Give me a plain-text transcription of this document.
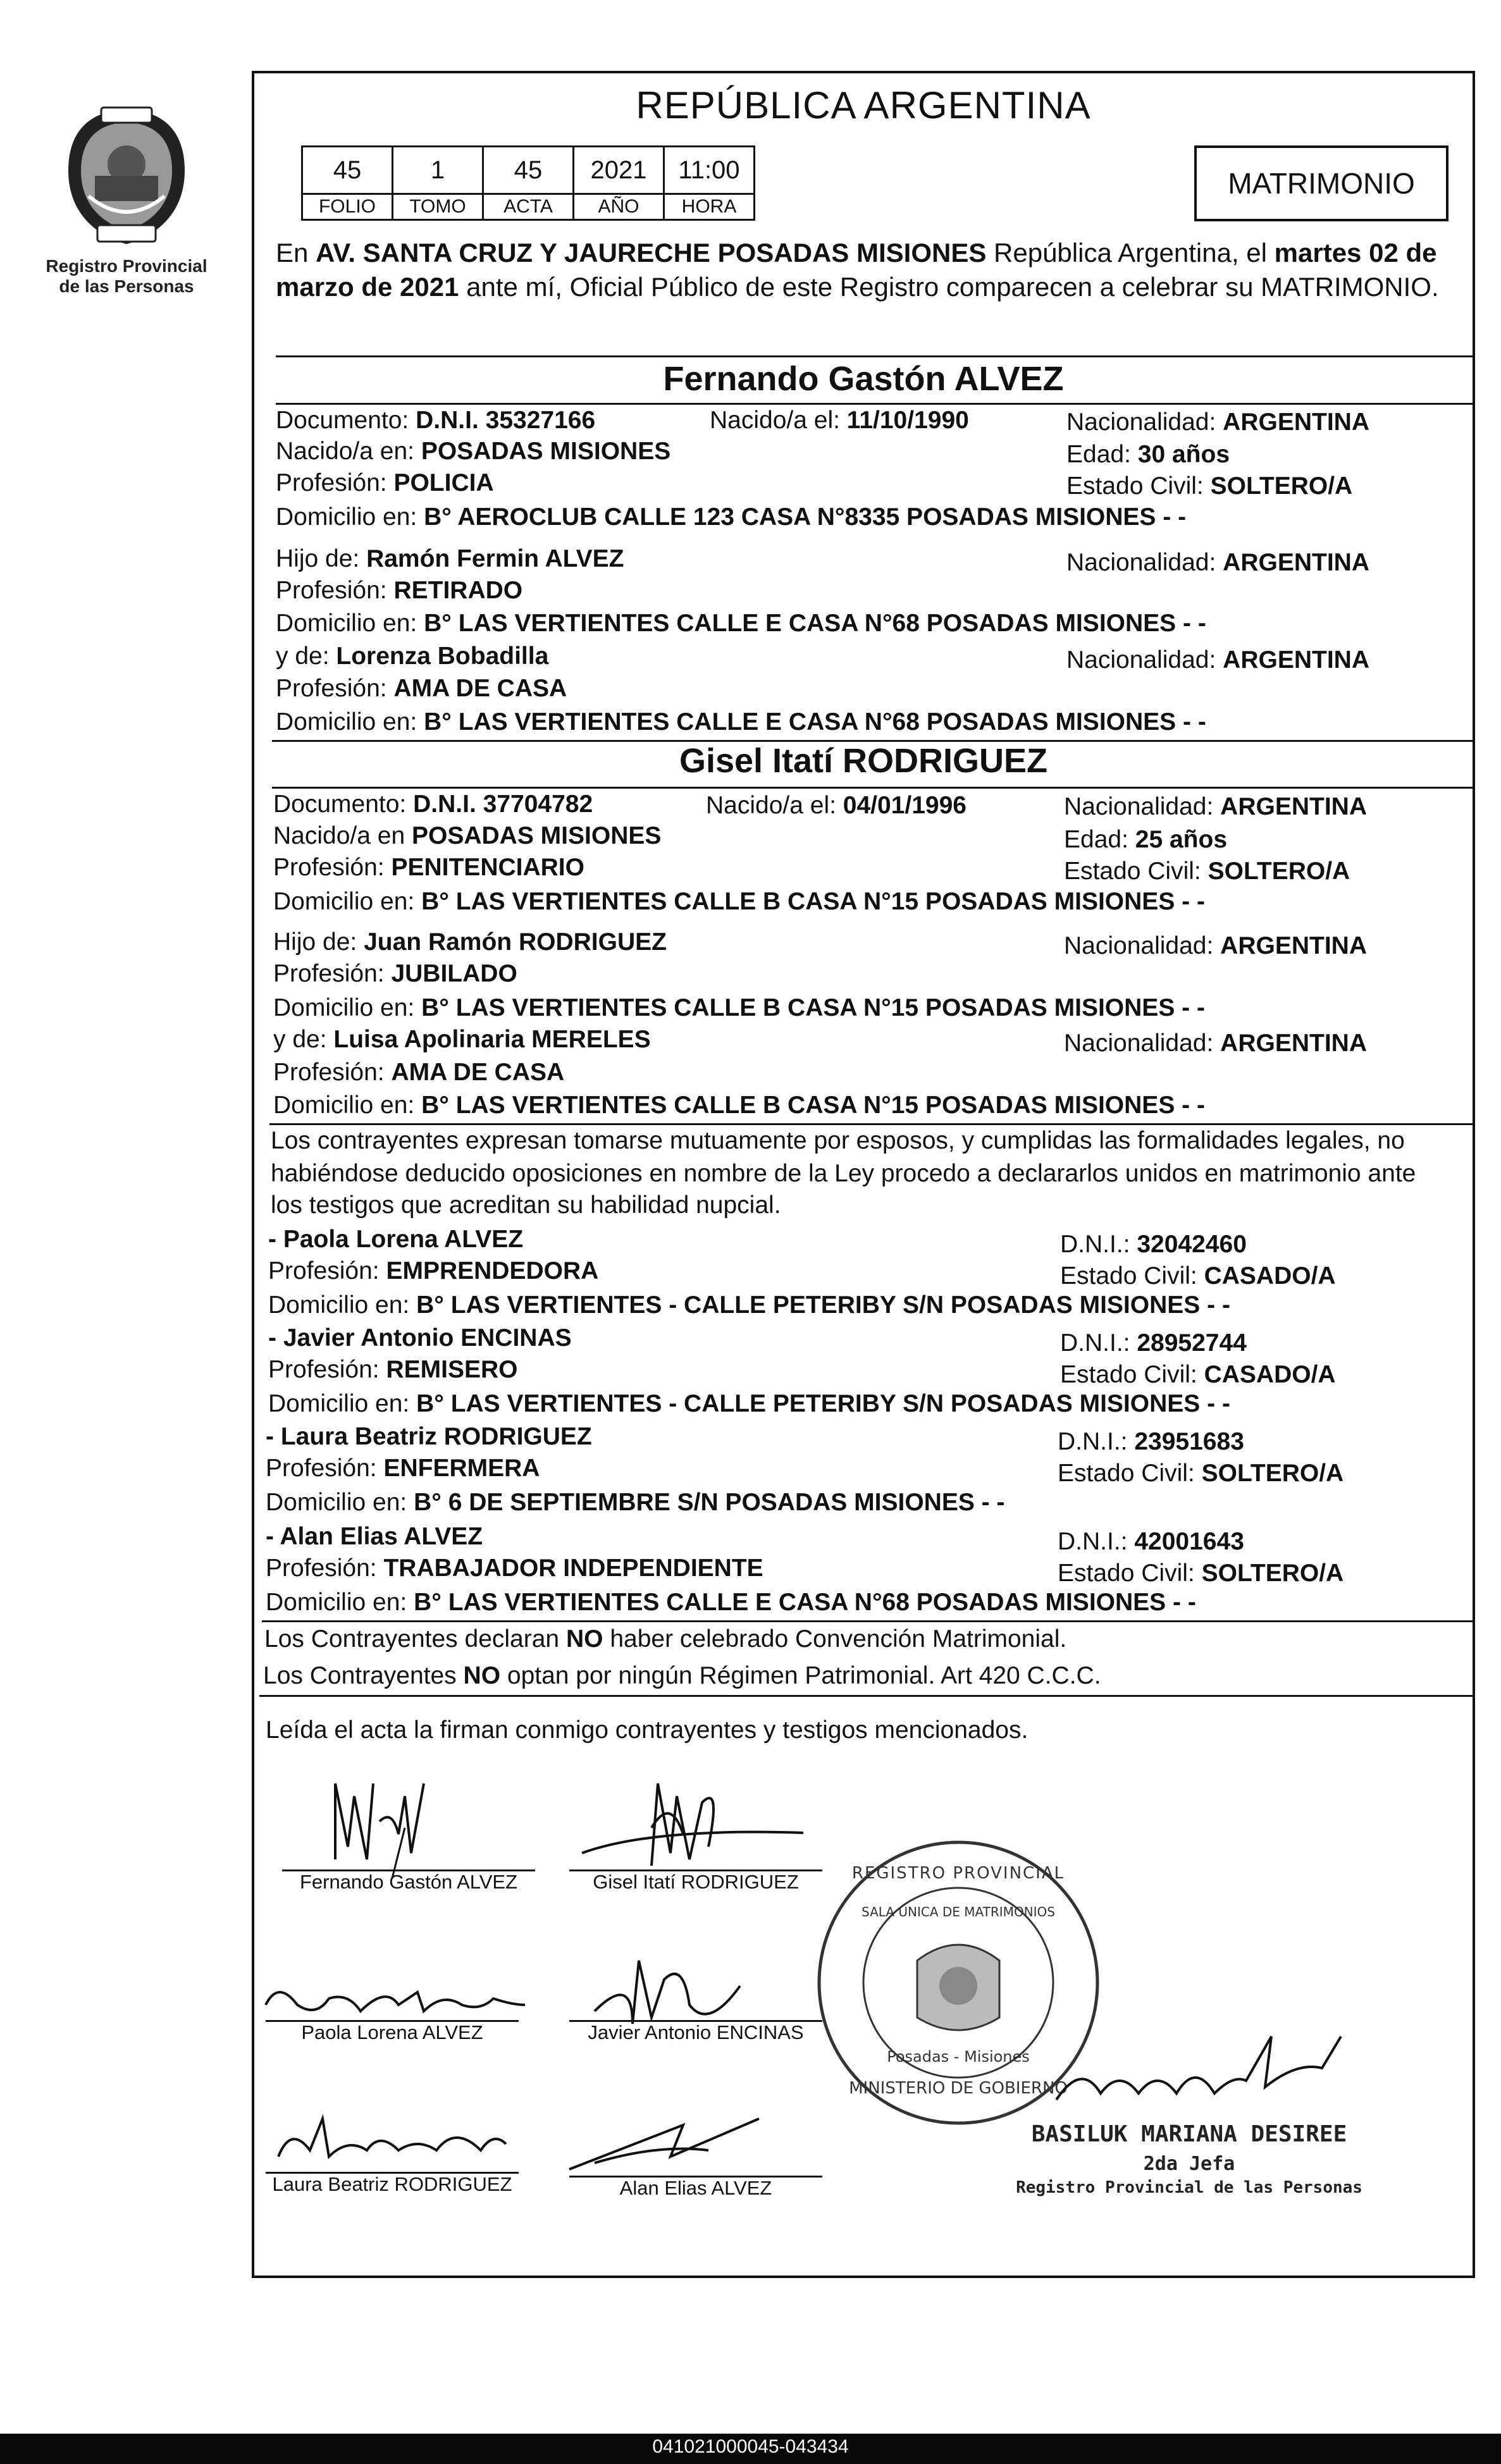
Registro Provincial
de las Personas
REPÚBLICA ARGENTINA
45	1	45	2021	11:00
FOLIO	TOMO	ACTA	AÑO	HORA
MATRIMONIO
En AV. SANTA CRUZ Y JAURECHE POSADAS MISIONES República Argentina, el martes 02 de marzo de 2021 ante mí, Oficial Público de este Registro comparecen a celebrar su MATRIMONIO.
Fernando Gastón ALVEZ
Documento: D.N.I. 35327166	Nacido/a el: 11/10/1990	Nacionalidad: ARGENTINA
Nacido/a en: POSADAS MISIONES	Edad: 30 años
Profesión: POLICIA	Estado Civil: SOLTERO/A
Domicilio en: B° AEROCLUB CALLE 123 CASA N°8335 POSADAS MISIONES - -
Hijo de: Ramón Fermin ALVEZ	Nacionalidad: ARGENTINA
Profesión: RETIRADO
Domicilio en: B° LAS VERTIENTES CALLE E CASA N°68 POSADAS MISIONES - -
y de: Lorenza Bobadilla	Nacionalidad: ARGENTINA
Profesión: AMA DE CASA
Domicilio en: B° LAS VERTIENTES CALLE E CASA N°68 POSADAS MISIONES - -
Gisel Itatí RODRIGUEZ
Documento: D.N.I. 37704782	Nacido/a el: 04/01/1996	Nacionalidad: ARGENTINA
Nacido/a en POSADAS MISIONES	Edad: 25 años
Profesión: PENITENCIARIO	Estado Civil: SOLTERO/A
Domicilio en: B° LAS VERTIENTES CALLE B CASA N°15 POSADAS MISIONES - -
Hijo de: Juan Ramón RODRIGUEZ	Nacionalidad: ARGENTINA
Profesión: JUBILADO
Domicilio en: B° LAS VERTIENTES CALLE B CASA N°15 POSADAS MISIONES - -
y de: Luisa Apolinaria MERELES	Nacionalidad: ARGENTINA
Profesión: AMA DE CASA
Domicilio en: B° LAS VERTIENTES CALLE B CASA N°15 POSADAS MISIONES - -
Los contrayentes expresan tomarse mutuamente por esposos, y cumplidas las formalidades legales, no
habiéndose deducido oposiciones en nombre de la Ley procedo a declararlos unidos en matrimonio ante
los testigos que acreditan su habilidad nupcial.
- Paola Lorena ALVEZ	D.N.I.: 32042460
Profesión: EMPRENDEDORA	Estado Civil: CASADO/A
Domicilio en: B° LAS VERTIENTES - CALLE PETERIBY S/N POSADAS MISIONES - -
- Javier Antonio ENCINAS	D.N.I.: 28952744
Profesión: REMISERO	Estado Civil: CASADO/A
Domicilio en: B° LAS VERTIENTES - CALLE PETERIBY S/N POSADAS MISIONES - -
- Laura Beatriz RODRIGUEZ	D.N.I.: 23951683
Profesión: ENFERMERA	Estado Civil: SOLTERO/A
Domicilio en: B° 6 DE SEPTIEMBRE S/N POSADAS MISIONES - -
- Alan Elias ALVEZ	D.N.I.: 42001643
Profesión: TRABAJADOR INDEPENDIENTE	Estado Civil: SOLTERO/A
Domicilio en: B° LAS VERTIENTES CALLE E CASA N°68 POSADAS MISIONES - -
Los Contrayentes declaran NO haber celebrado Convención Matrimonial.
Los Contrayentes NO optan por ningún Régimen Patrimonial. Art 420 C.C.C.
Leída el acta la firman conmigo contrayentes y testigos mencionados.
Fernando Gastón ALVEZ	Gisel Itatí RODRIGUEZ
Paola Lorena ALVEZ	Javier Antonio ENCINAS
Laura Beatriz RODRIGUEZ	Alan Elias ALVEZ
REGISTRO PROVINCIAL
MINISTERIO DE GOBIERNO
SALA UNICA DE MATRIMONIOS
Posadas - Misiones
BASILUK MARIANA DESIREE
2da Jefa
Registro Provincial de las Personas
041021000045-043434
